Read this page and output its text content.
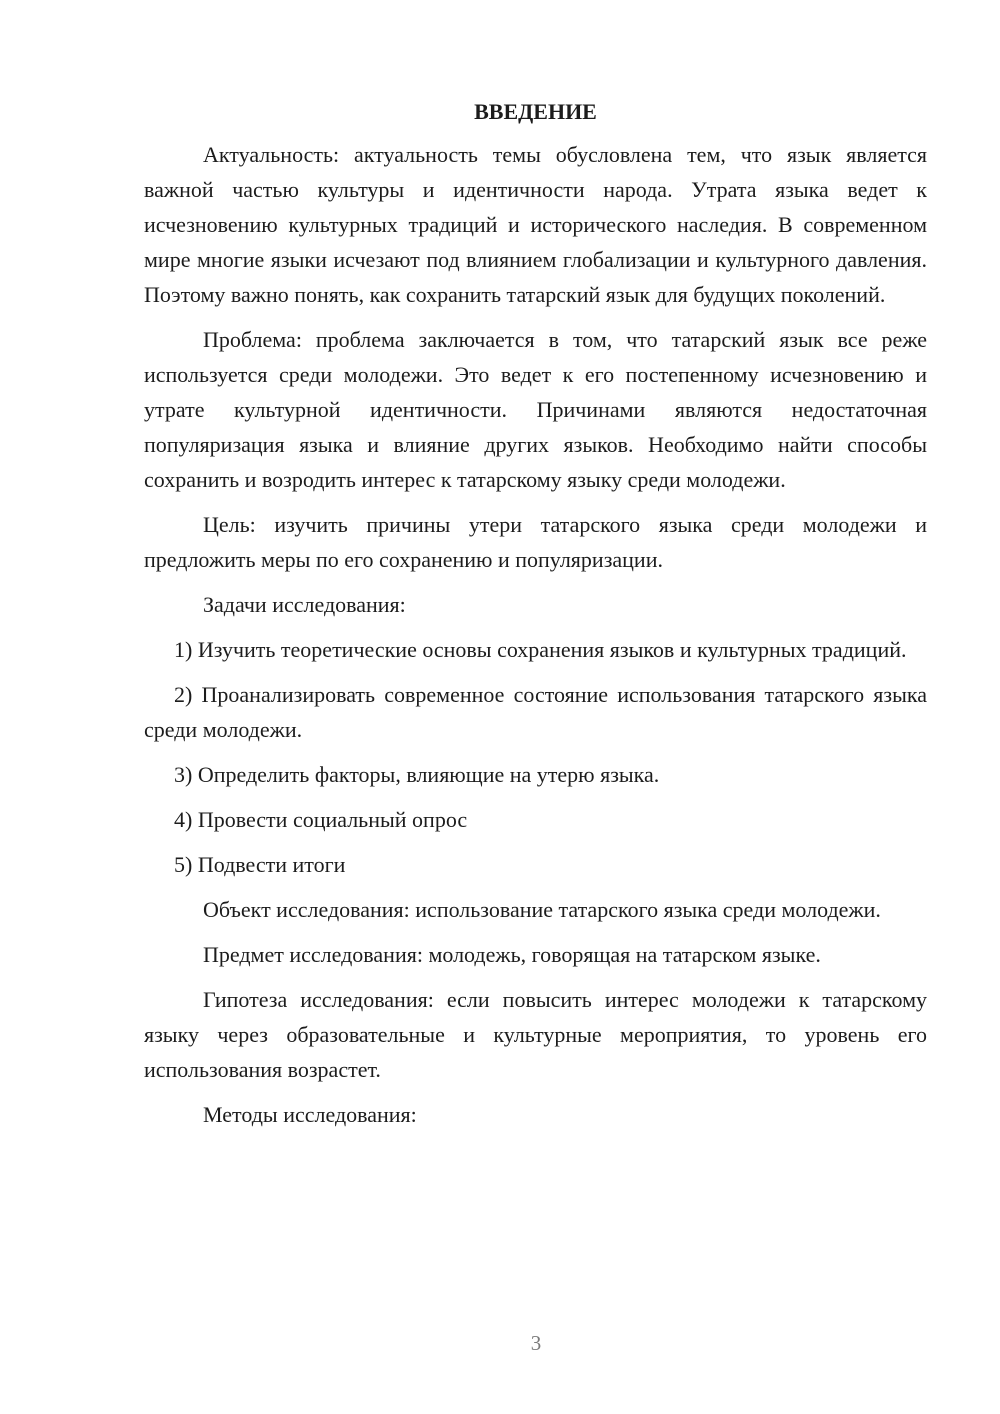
ВВЕДЕНИЕ

Актуальность: актуальность темы обусловлена тем, что язык является важной частью культуры и идентичности народа. Утрата языка ведет к исчезновению культурных традиций и исторического наследия. В современном мире многие языки исчезают под влиянием глобализации и культурного давления. Поэтому важно понять, как сохранить татарский язык для будущих поколений.

Проблема: проблема заключается в том, что татарский язык все реже используется среди молодежи. Это ведет к его постепенному исчезновению и утрате культурной идентичности. Причинами являются недостаточная популяризация языка и влияние других языков. Необходимо найти способы сохранить и возродить интерес к татарскому языку среди молодежи.

Цель: изучить причины утери татарского языка среди молодежи и предложить меры по его сохранению и популяризации.

Задачи исследования:

1) Изучить теоретические основы сохранения языков и культурных традиций.

2) Проанализировать современное состояние использования татарского языка среди молодежи.

3) Определить факторы, влияющие на утерю языка.

4) Провести социальный опрос

5) Подвести итоги

Объект исследования: использование татарского языка среди молодежи.

Предмет исследования: молодежь, говорящая на татарском языке.

Гипотеза исследования: если повысить интерес молодежи к татарскому языку через образовательные и культурные мероприятия, то уровень его использования возрастет.

Методы исследования:

3
